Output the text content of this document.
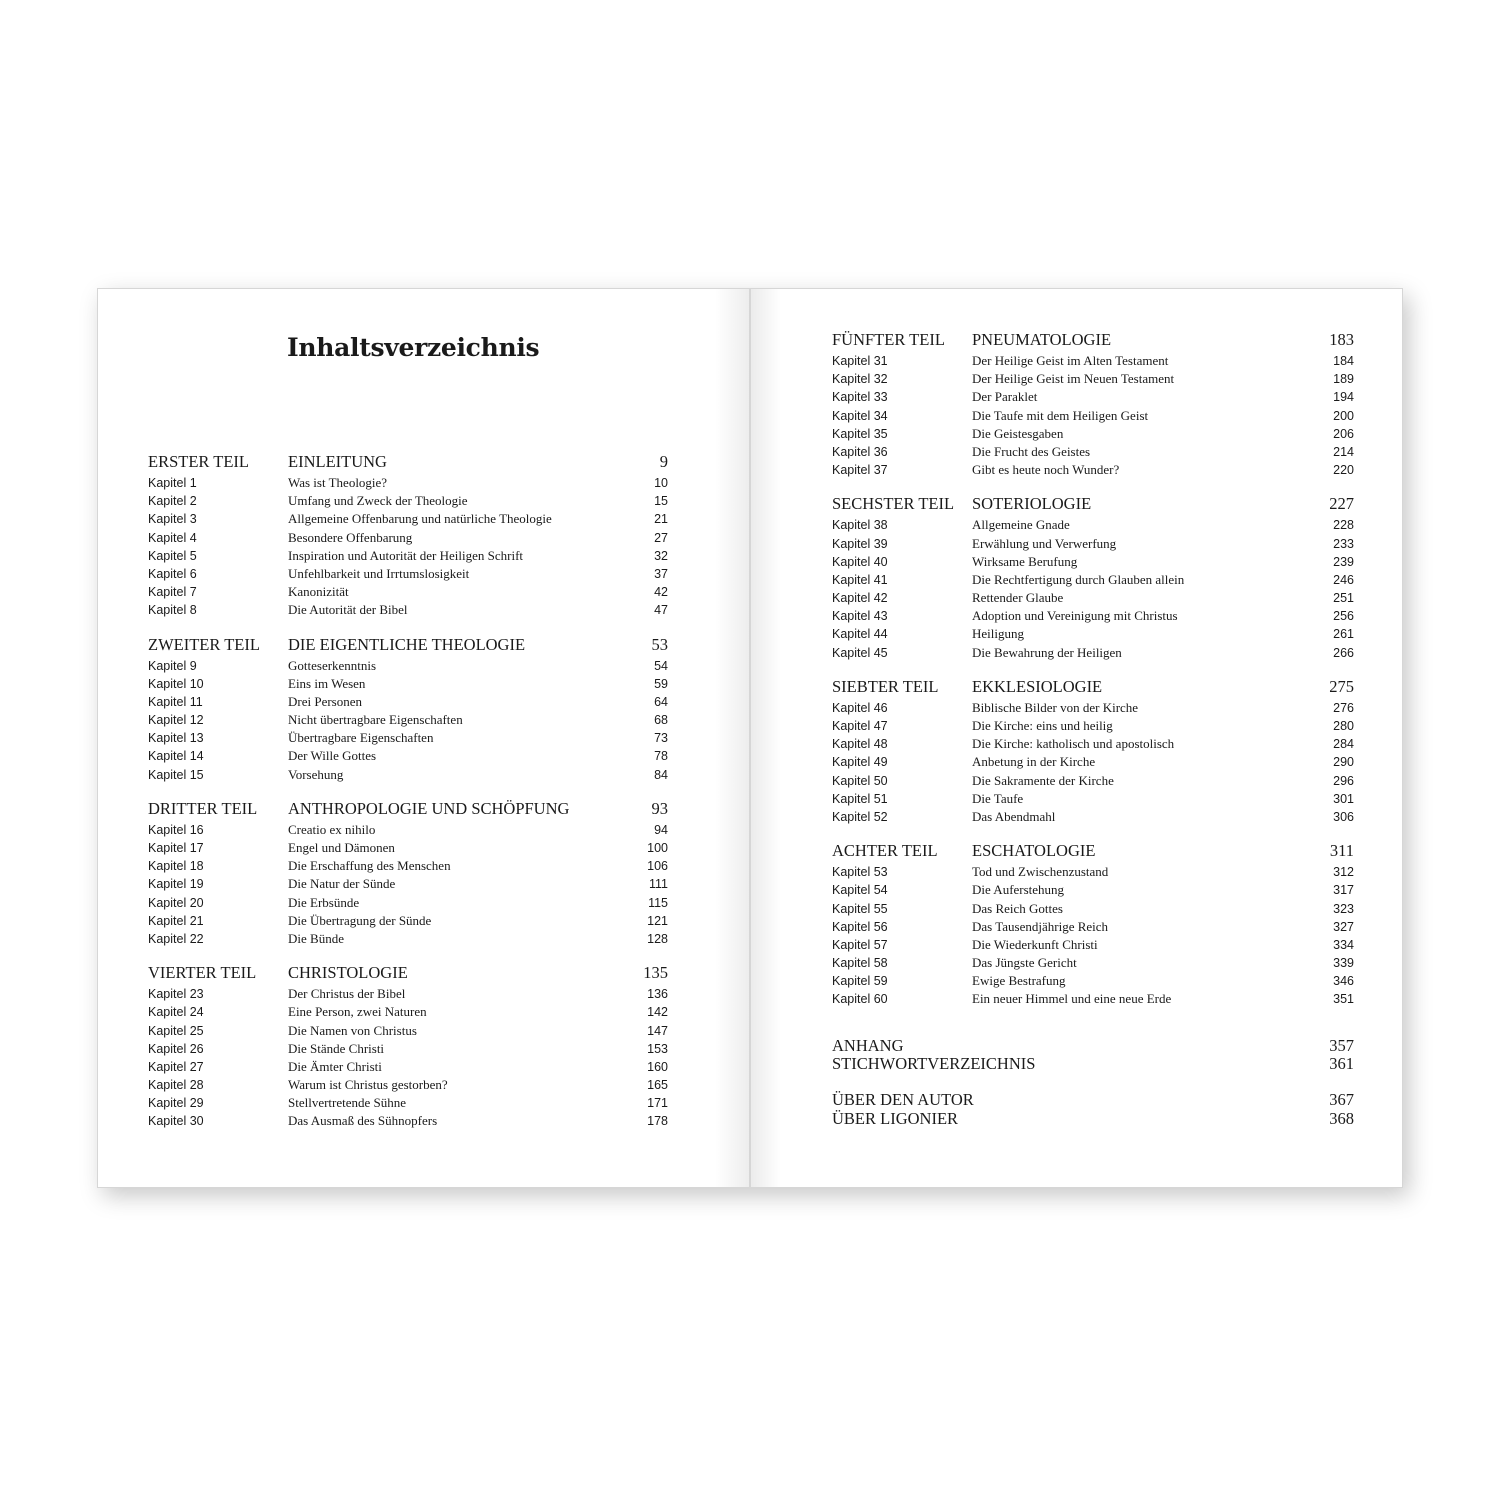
Inhaltsverzeichnis
ERSTER TEIL	EINLEITUNG	9
Kapitel 1	Was ist Theologie?	10
Kapitel 2	Umfang und Zweck der Theologie	15
Kapitel 3	Allgemeine Offenbarung und natürliche Theologie	21
Kapitel 4	Besondere Offenbarung	27
Kapitel 5	Inspiration und Autorität der Heiligen Schrift	32
Kapitel 6	Unfehlbarkeit und Irrtumslosigkeit	37
Kapitel 7	Kanonizität	42
Kapitel 8	Die Autorität der Bibel	47
ZWEITER TEIL	DIE EIGENTLICHE THEOLOGIE	53
Kapitel 9	Gotteserkenntnis	54
Kapitel 10	Eins im Wesen	59
Kapitel 11	Drei Personen	64
Kapitel 12	Nicht übertragbare Eigenschaften	68
Kapitel 13	Übertragbare Eigenschaften	73
Kapitel 14	Der Wille Gottes	78
Kapitel 15	Vorsehung	84
DRITTER TEIL	ANTHROPOLOGIE UND SCHÖPFUNG	93
Kapitel 16	Creatio ex nihilo	94
Kapitel 17	Engel und Dämonen	100
Kapitel 18	Die Erschaffung des Menschen	106
Kapitel 19	Die Natur der Sünde	111
Kapitel 20	Die Erbsünde	115
Kapitel 21	Die Übertragung der Sünde	121
Kapitel 22	Die Bünde	128
VIERTER TEIL	CHRISTOLOGIE	135
Kapitel 23	Der Christus der Bibel	136
Kapitel 24	Eine Person, zwei Naturen	142
Kapitel 25	Die Namen von Christus	147
Kapitel 26	Die Stände Christi	153
Kapitel 27	Die Ämter Christi	160
Kapitel 28	Warum ist Christus gestorben?	165
Kapitel 29	Stellvertretende Sühne	171
Kapitel 30	Das Ausmaß des Sühnopfers	178
FÜNFTER TEIL	PNEUMATOLOGIE	183
Kapitel 31	Der Heilige Geist im Alten Testament	184
Kapitel 32	Der Heilige Geist im Neuen Testament	189
Kapitel 33	Der Paraklet	194
Kapitel 34	Die Taufe mit dem Heiligen Geist	200
Kapitel 35	Die Geistesgaben	206
Kapitel 36	Die Frucht des Geistes	214
Kapitel 37	Gibt es heute noch Wunder?	220
SECHSTER TEIL	SOTERIOLOGIE	227
Kapitel 38	Allgemeine Gnade	228
Kapitel 39	Erwählung und Verwerfung	233
Kapitel 40	Wirksame Berufung	239
Kapitel 41	Die Rechtfertigung durch Glauben allein	246
Kapitel 42	Rettender Glaube	251
Kapitel 43	Adoption und Vereinigung mit Christus	256
Kapitel 44	Heiligung	261
Kapitel 45	Die Bewahrung der Heiligen	266
SIEBTER TEIL	EKKLESIOLOGIE	275
Kapitel 46	Biblische Bilder von der Kirche	276
Kapitel 47	Die Kirche: eins und heilig	280
Kapitel 48	Die Kirche: katholisch und apostolisch	284
Kapitel 49	Anbetung in der Kirche	290
Kapitel 50	Die Sakramente der Kirche	296
Kapitel 51	Die Taufe	301
Kapitel 52	Das Abendmahl	306
ACHTER TEIL	ESCHATOLOGIE	311
Kapitel 53	Tod und Zwischenzustand	312
Kapitel 54	Die Auferstehung	317
Kapitel 55	Das Reich Gottes	323
Kapitel 56	Das Tausendjährige Reich	327
Kapitel 57	Die Wiederkunft Christi	334
Kapitel 58	Das Jüngste Gericht	339
Kapitel 59	Ewige Bestrafung	346
Kapitel 60	Ein neuer Himmel und eine neue Erde	351
ANHANG	357
STICHWORTVERZEICHNIS	361
ÜBER DEN AUTOR	367
ÜBER LIGONIER	368
